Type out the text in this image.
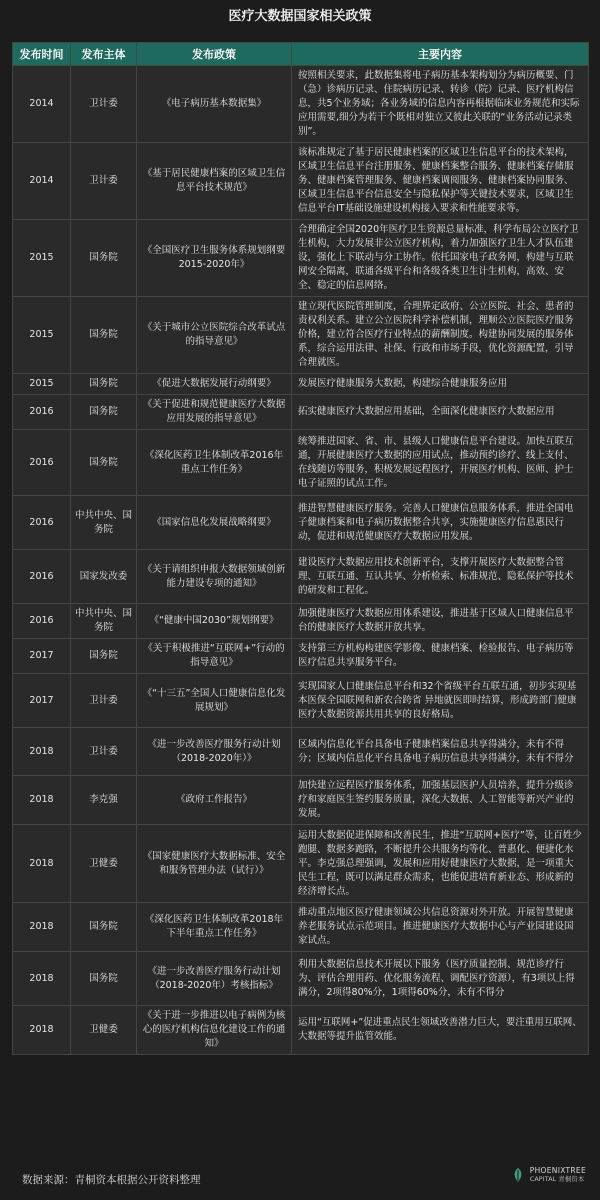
医疗大数据国家相关政策
发布时间	发布主体	发布政策	主要内容
2014	卫计委	《电子病历基本数据集》	按照相关要求，此数据集将电子病历基本架构划分为病历概要、门（急）诊病历记录、住院病历记录、转诊（院）记录、医疗机构信息，共5个业务域；各业务域的信息内容再根据临床业务规范和实际应用需要,细分为若干个既相对独立又彼此关联的“业务活动记录类别”。
2014	卫计委	《基于居民健康档案的区域卫生信息平台技术规范》	该标准规定了基于居民健康档案的区域卫生信息平台的技术架构，区域卫生信息平台注册服务、健康档案整合服务、健康档案存储服务、健康档案管理服务、健康档案调阅服务、健康档案协同服务、区域卫生信息平台信息安全与隐私保护等关键技术要求，区域卫生信息平台IT基础设施建设机构接入要求和性能要求等。
2015	国务院	《全国医疗卫生服务体系规划纲要2015-2020年》	合理确定全国2020年医疗卫生资源总量标准，科学布局公立医疗卫生机构，大力发展非公立医疗机构，着力加强医疗卫生人才队伍建设，强化上下联动与分工协作。依托国家电子政务网，构建与互联网安全隔离，联通各级平台和各级各类卫生计生机构，高效、安全、稳定的信息网络。
2015	国务院	《关于城市公立医院综合改革试点的指导意见》	建立现代医院管理制度，合理界定政府、公立医院、社会、患者的责权利关系。建立公立医院科学补偿机制，理顺公立医院医疗服务价格，建立符合医疗行业特点的薪酬制度。构建协同发展的服务体系，综合运用法律、社保、行政和市场手段，优化资源配置，引导合理就医。
2015	国务院	《促进大数据发展行动纲要》	发展医疗健康服务大数据，构建综合健康服务应用
2016	国务院	《关于促进和规范健康医疗大数据应用发展的指导意见》	拓实健康医疗大数据应用基础，全面深化健康医疗大数据应用
2016	国务院	《深化医药卫生体制改革2016年重点工作任务》	统筹推进国家、省、市、县级人口健康信息平台建设。加快互联互通，开展健康医疗大数据的应用试点，推动预约诊疗、线上支付、在线随访等服务，积极发展远程医疗，开展医疗机构、医师、护士电子证照的试点工作。
2016	中共中央、国务院	《国家信息化发展战略纲要》	推进智慧健康医疗服务。完善人口健康信息服务体系，推进全国电子健康档案和电子病历数据整合共享，实施健康医疗信息惠民行动，促进和规范健康医疗大数据应用发展。
2016	国家发改委	《关于请组织申报大数据领域创新能力建设专项的通知》	建设医疗大数据应用技术创新平台，支撑开展医疗大数据整合管理、互联互通、互认共享、分析检索、标准规范、隐私保护等技术的研发和工程化。
2016	中共中央、国务院	《“健康中国2030”规划纲要》	加强健康医疗大数据应用体系建设，推进基于区域人口健康信息平台的健康医疗大数据开放共享。
2017	国务院	《关于积极推进“互联网+”行动的指导意见》	支持第三方机构构建医学影像、健康档案、检验报告、电子病历等医疗信息共享服务平台。
2017	卫计委	《“十三五”全国人口健康信息化发展规划》	实现国家人口健康信息平台和32个省级平台互联互通，初步实现基本医保全国联网和新农合跨省 异地就医即时结算，形成跨部门健康医疗大数据资源共用共享的良好格局。
2018	卫计委	《进一步改善医疗服务行动计划（2018-2020年）》	区域内信息化平台具备电子健康档案信息共享得满分，未有不得分；区域内信息化平台具备电子病历信息共享得满分，未有不得分
2018	李克强	《政府工作报告》	加快建立远程医疗服务体系，加强基层医护人员培养，提升分级诊疗和家庭医生签约服务质量，深化大数据、人工智能等新兴产业的发展。
2018	卫健委	《国家健康医疗大数据标准、安全和服务管理办法（试行）》	运用大数据促进保障和改善民生，推进“互联网+医疗”等，让百姓少跑腿、数据多跑路，不断提升公共服务均等化、普惠化、便捷化水平。李克强总理强调，发展和应用好健康医疗大数据，是一项重大民生工程，既可以满足群众需求，也能促进培育新业态、形成新的经济增长点。
2018	国务院	《深化医药卫生体制改革2018年下半年重点工作任务》	推动重点地区医疗健康领域公共信息资源对外开放。开展智慧健康养老服务试点示范项目。推进健康医疗大数据中心与产业园建设国家试点。
2018	国务院	《进一步改善医疗服务行动计划（2018-2020年）考核指标》	利用大数据信息技术开展以下服务（医疗质量控制、规范诊疗行为、评估合理用药、优化服务流程、调配医疗资源），有3项以上得满分，2项得80%分，1项得60%分，未有不得分
2018	卫健委	《关于进一步推进以电子病例为核心的医疗机构信息化建设工作的通知》	运用“互联网+”促进重点民生领域改善潜力巨大，要注重用互联网、大数据等提升监管效能。
数据来源：青桐资本根据公开资料整理
PHOENIXTREE
CAPITAL 青桐资本
